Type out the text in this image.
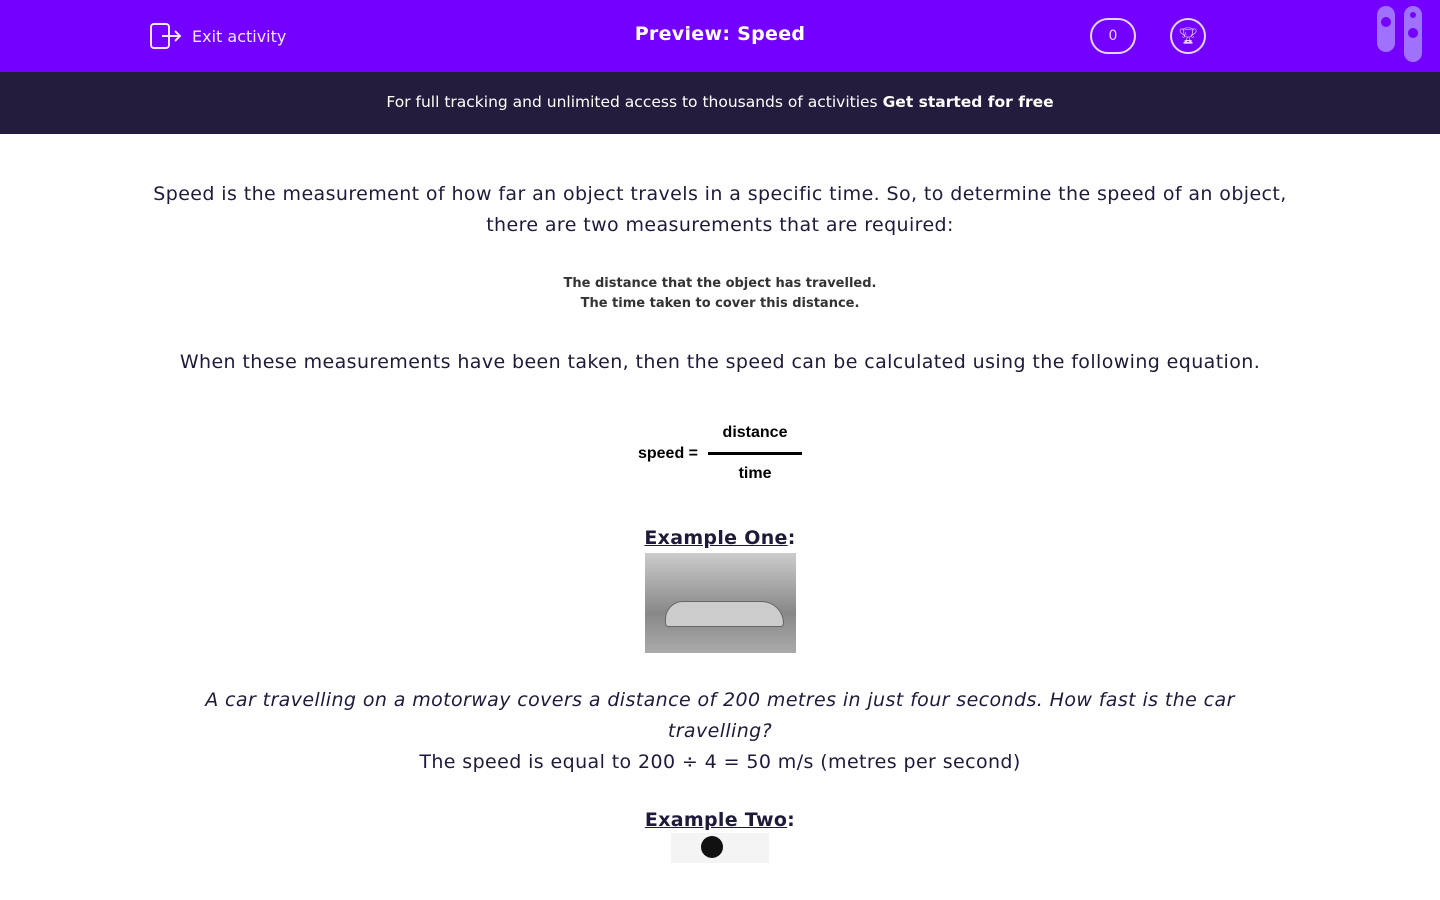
Exit activity	Preview: Speed	0	🏆︎
For full tracking and unlimited access to thousands of activities Get started for free

Speed is the measurement of how far an object travels in a specific time. So, to determine the speed of an object, there are two measurements that are required:

The distance that the object has travelled.
The time taken to cover this distance.

When these measurements have been taken, then the speed can be calculated using the following equation.

speed = $\frac{\text{distance}}{\text{time}}$
Example One:

A car travelling on a motorway covers a distance of 200 metres in just four seconds. How fast is the car travelling?

The speed is equal to 200 ÷ 4 = 50 m/s (metres per second)

Example Two:
